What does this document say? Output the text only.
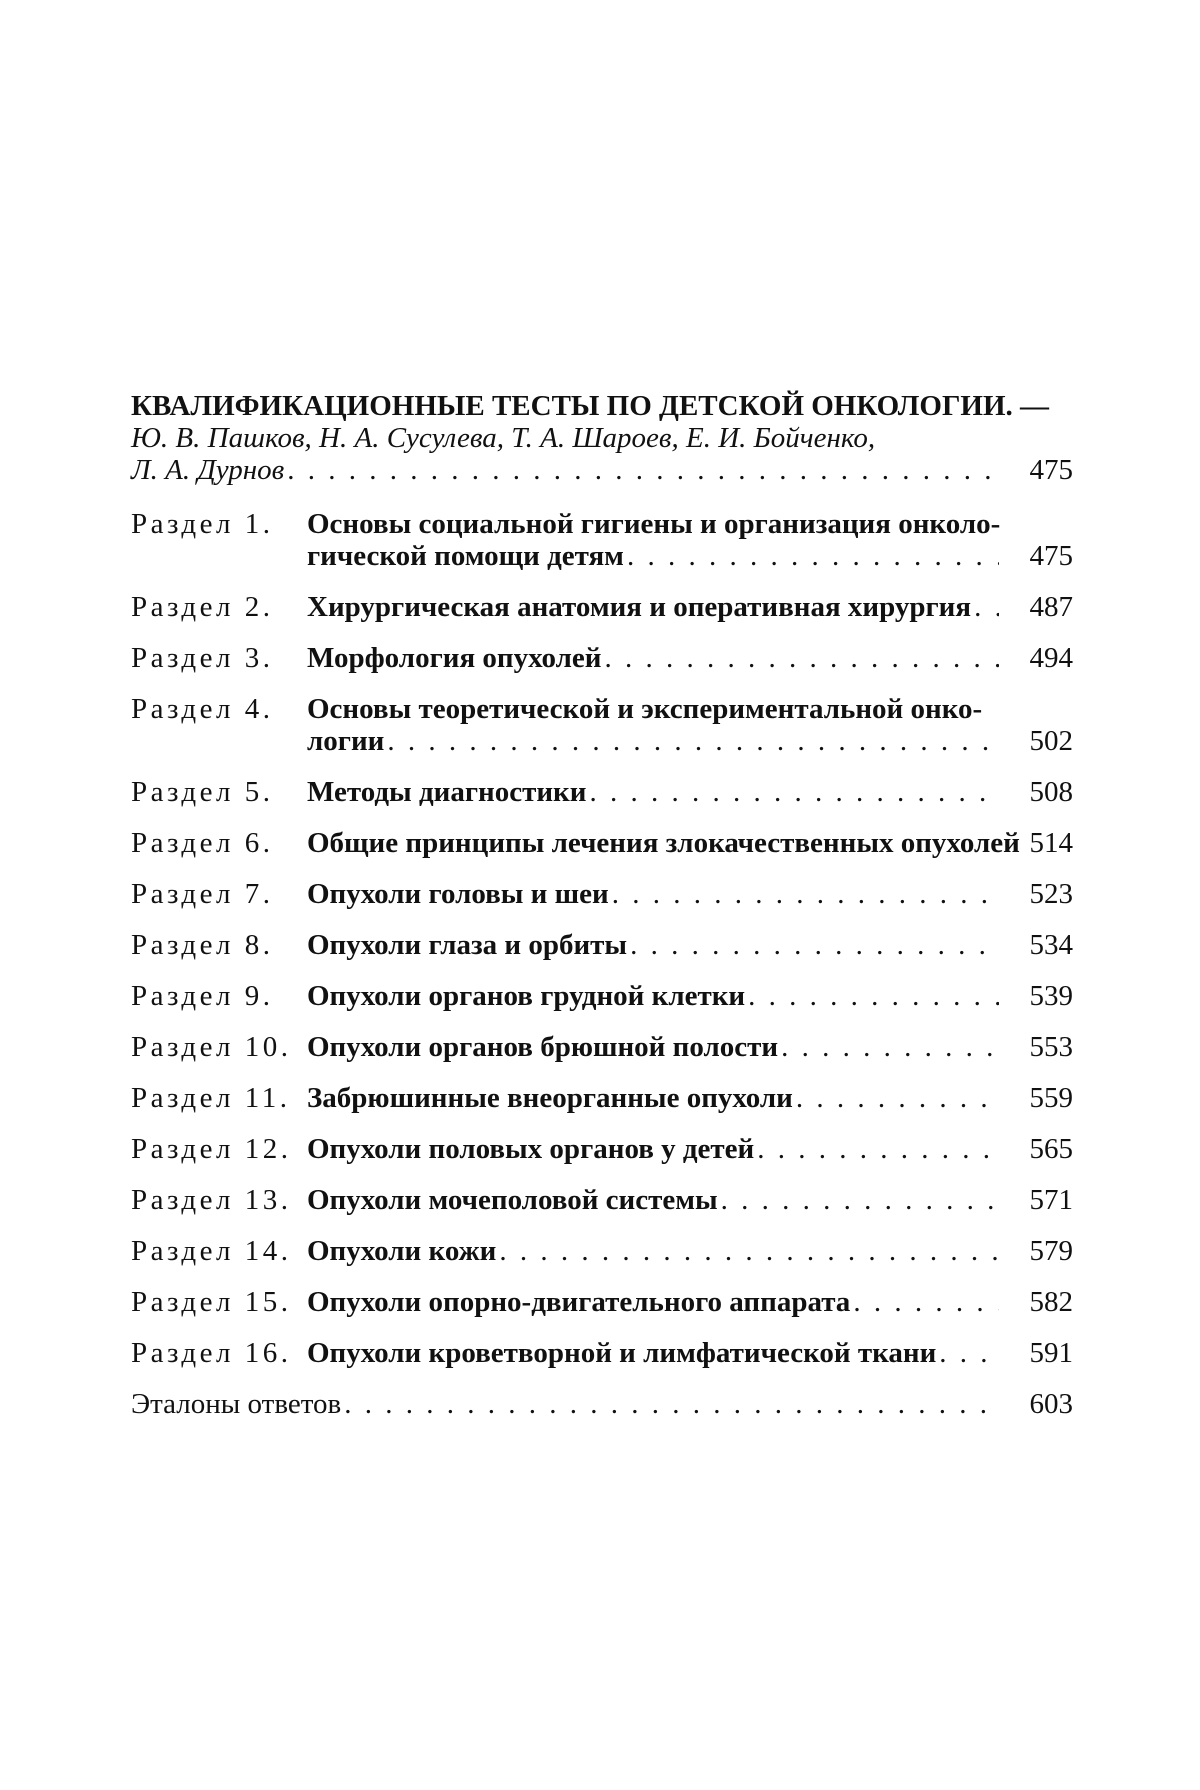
КВАЛИФИКАЦИОННЫЕ ТЕСТЫ ПО ДЕТСКОЙ ОНКОЛОГИИ. —
Ю. В. Пашков, Н. А. Сусулева, Т. А. Шароев, Е. И. Бойченко,
Л. А. Дурнов . . .	475
Раздел 1.	Основы социальной гигиены и организация онколо-
гической помощи детям . . .	475
Раздел 2.	Хирургическая анатомия и оперативная хирургия . . .	487
Раздел 3.	Морфология опухолей . . .	494
Раздел 4.	Основы теоретической и экспериментальной онко-
логии . . .	502
Раздел 5.	Методы диагностики . . .	508
Раздел 6.	Общие принципы лечения злокачественных опухолей 514
Раздел 7.	Опухоли головы и шеи . . .	523
Раздел 8.	Опухоли глаза и орбиты . . .	534
Раздел 9.	Опухоли органов грудной клетки . . .	539
Раздел 10. Опухоли органов брюшной полости . . .	553
Раздел 11. Забрюшинные внеорганные опухоли . . .	559
Раздел 12. Опухоли половых органов у детей . . .	565
Раздел 13. Опухоли мочеполовой системы . . .	571
Раздел 14. Опухоли кожи . . .	579
Раздел 15. Опухоли опорно-двигательного аппарата . . .	582
Раздел 16. Опухоли кроветворной и лимфатической ткани . . .	591
Эталоны ответов . . .	603
